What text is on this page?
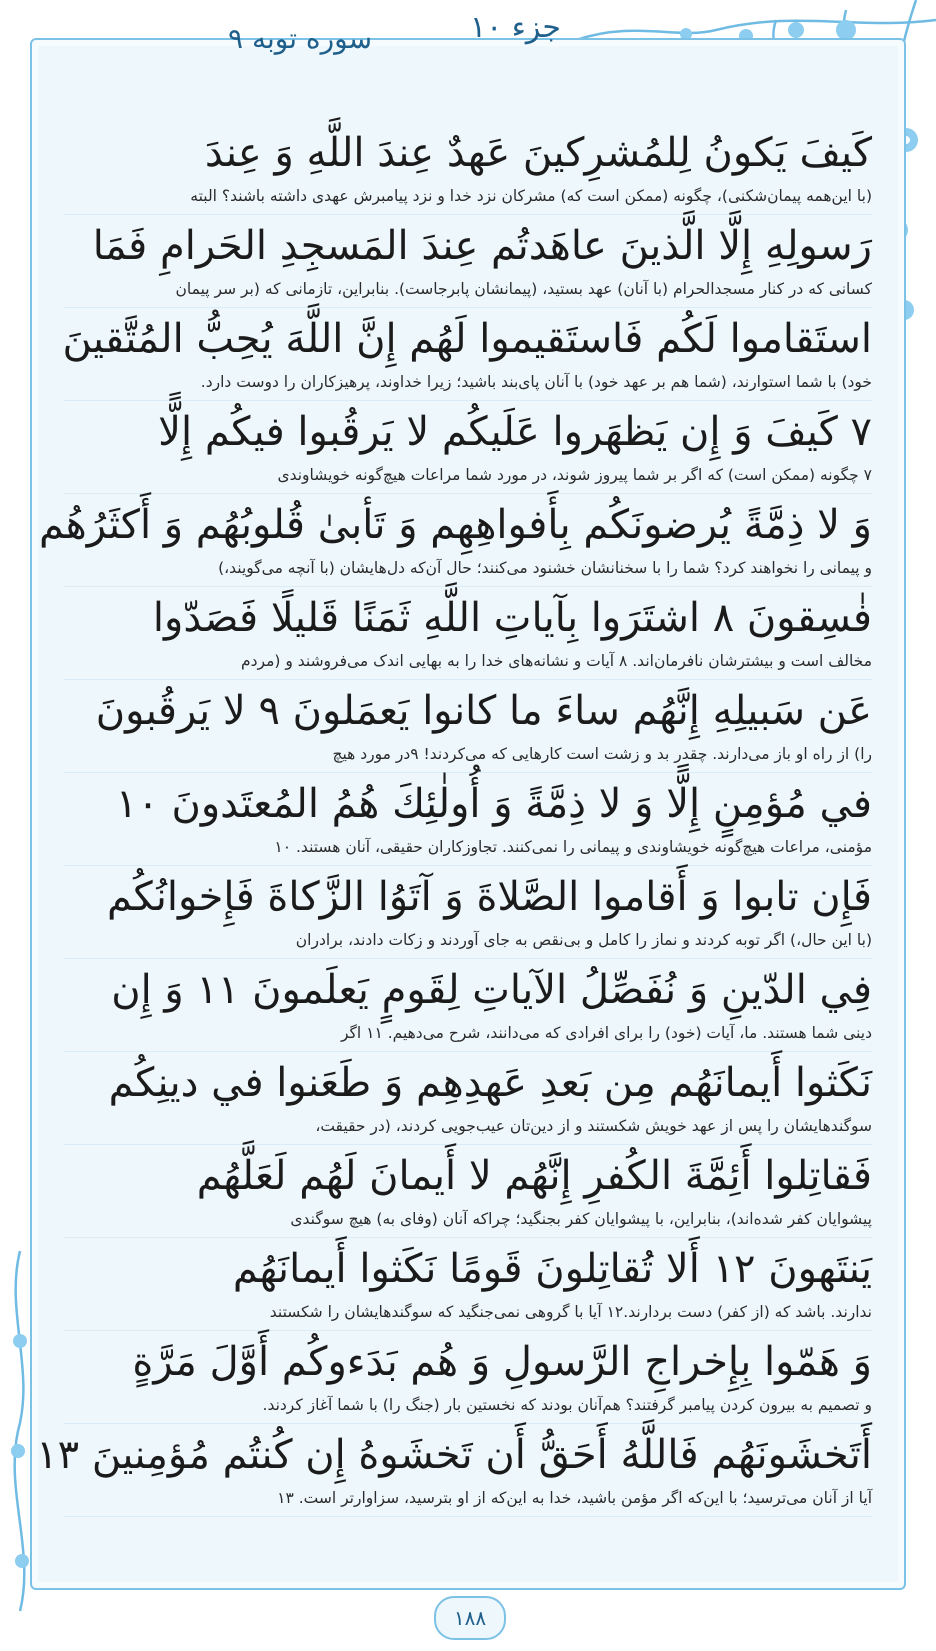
سوره توبه ٩	جزء ١٠
كَيفَ يَكونُ لِلمُشرِكينَ عَهدٌ عِندَ اللَّهِ وَ عِندَ
(با این‌همه پیمان‌شکنی)، چگونه (ممکن است که) مشرکان نزد خدا و نزد پیامبرش عهدی داشته باشند؟ البته
رَسولِهِ إِلَّا الَّذينَ عاهَدتُم عِندَ المَسجِدِ الحَرامِ فَمَا
کسانی که در کنار مسجدالحرام (با آنان) عهد بستید، (پیمانشان پابرجاست). بنابراین، تازمانی که (بر سر پیمان
استَقاموا لَكُم فَاستَقيموا لَهُم إِنَّ اللَّهَ يُحِبُّ المُتَّقينَ
خود) با شما استوارند، (شما هم بر عهد خود) با آنان پای‌بند باشید؛ زیرا خداوند، پرهیزکاران را دوست دارد.
٧ كَيفَ وَ إِن يَظهَروا عَلَيكُم لا يَرقُبوا فيكُم إِلًّا
٧ چگونه (ممکن است) که اگر بر شما پیروز شوند، در مورد شما مراعات هیچ‌گونه خویشاوندی
وَ لا ذِمَّةً يُرضونَكُم بِأَفواهِهِم وَ تَأبىٰ قُلوبُهُم وَ أَكثَرُهُم
و پیمانی را نخواهند کرد؟ شما را با سخنانشان خشنود می‌کنند؛ حال آن‌که دل‌هایشان (با آنچه می‌گویند،)
فٰسِقونَ ٨ اشتَرَوا بِآياتِ اللَّهِ ثَمَنًا قَليلًا فَصَدّوا
مخالف است و بیشترشان نافرمان‌اند. ٨ آیات و نشانه‌های خدا را به بهایی اندک می‌فروشند و (مردم
عَن سَبيلِهِ إِنَّهُم ساءَ ما كانوا يَعمَلونَ ٩ لا يَرقُبونَ
را) از راه او باز می‌دارند. چقدر بد و زشت است کارهایی که می‌کردند! ٩در مورد هیچ
في مُؤمِنٍ إِلًّا وَ لا ذِمَّةً وَ أُولٰئِكَ هُمُ المُعتَدونَ ١٠
مؤمنی، مراعات هیچ‌گونه خویشاوندی و پیمانی را نمی‌کنند. تجاوزکاران حقیقی، آنان هستند. ١٠
فَإِن تابوا وَ أَقاموا الصَّلاةَ وَ آتَوُا الزَّكاةَ فَإِخوانُكُم
(با این حال،) اگر توبه کردند و نماز را کامل و بی‌نقص به جای آوردند و زکات دادند، برادران
فِي الدّينِ وَ نُفَصِّلُ الآياتِ لِقَومٍ يَعلَمونَ ١١ وَ إِن
دینی شما هستند. ما، آیات (خود) را برای افرادی که می‌دانند، شرح می‌دهیم. ١١ اگر
نَكَثوا أَيمانَهُم مِن بَعدِ عَهدِهِم وَ طَعَنوا في دينِكُم
سوگندهایشان را پس از عهد خویش شکستند و از دین‌تان عیب‌جویی کردند، (در حقیقت،
فَقاتِلوا أَئِمَّةَ الكُفرِ إِنَّهُم لا أَيمانَ لَهُم لَعَلَّهُم
پیشوایان کفر شده‌اند)، بنابراین، با پیشوایان کفر بجنگید؛ چراکه آنان (وفای به) هیچ سوگندی
يَنتَهونَ ١٢ أَلا تُقاتِلونَ قَومًا نَكَثوا أَيمانَهُم
ندارند. باشد که (از کفر) دست بردارند.١٢ آیا با گروهی نمی‌جنگید که سوگندهایشان را شکستند
وَ هَمّوا بِإِخراجِ الرَّسولِ وَ هُم بَدَءوكُم أَوَّلَ مَرَّةٍ
و تصمیم به بیرون کردن پیامبر گرفتند؟ هم‌آنان بودند که نخستین بار (جنگ را) با شما آغاز کردند.
أَتَخشَونَهُم فَاللَّهُ أَحَقُّ أَن تَخشَوهُ إِن كُنتُم مُؤمِنينَ ١٣
آیا از آنان می‌ترسید؛ با این‌که اگر مؤمن باشید، خدا به این‌که از او بترسید، سزاوارتر است. ١٣
۱۸۸
